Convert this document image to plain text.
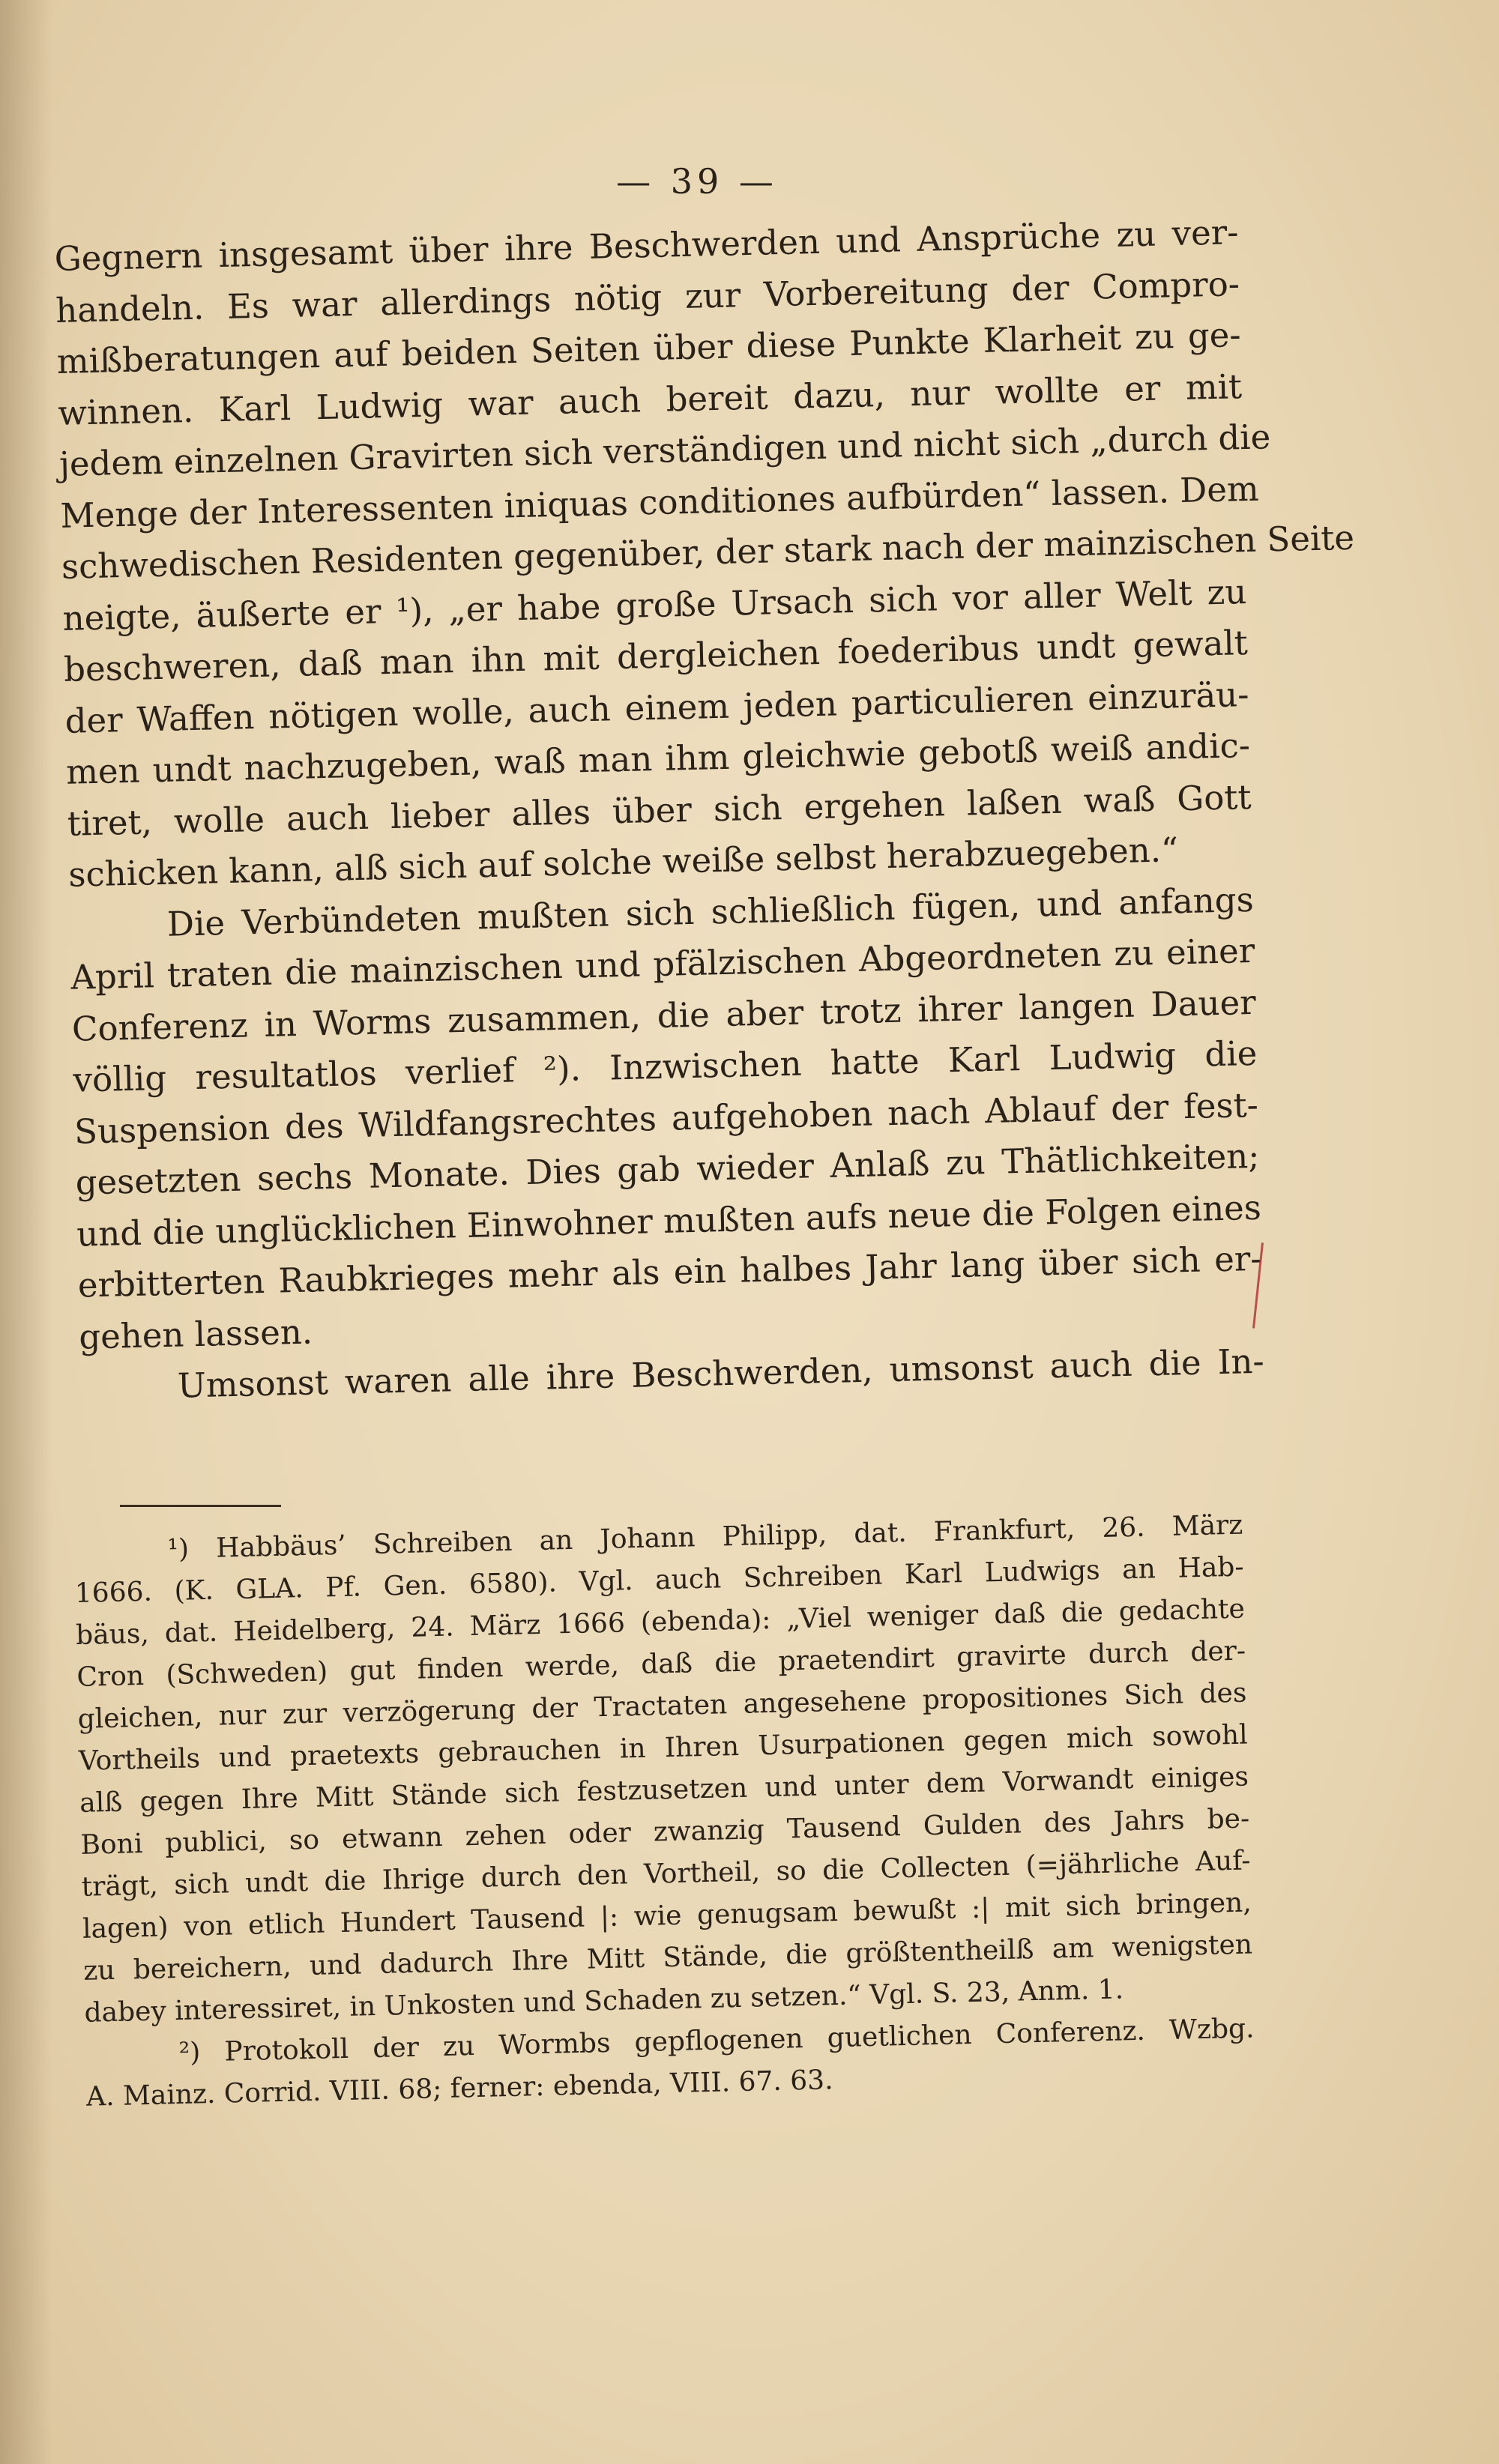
— 39 —
Gegnern insgesamt über ihre Beschwerden und Ansprüche zu ver-
handeln. Es war allerdings nötig zur Vorbereitung der Compro-
mißberatungen auf beiden Seiten über diese Punkte Klarheit zu ge-
winnen. Karl Ludwig war auch bereit dazu, nur wollte er mit
jedem einzelnen Gravirten sich verständigen und nicht sich „durch die
Menge der Interessenten iniquas conditiones aufbürden“ lassen. Dem
schwedischen Residenten gegenüber, der stark nach der mainzischen Seite
neigte, äußerte er ¹), „er habe große Ursach sich vor aller Welt zu
beschweren, daß man ihn mit dergleichen foederibus undt gewalt
der Waffen nötigen wolle, auch einem jeden particulieren einzuräu-
men undt nachzugeben, waß man ihm gleichwie gebotß weiß andic-
tiret, wolle auch lieber alles über sich ergehen laßen waß Gott
schicken kann, alß sich auf solche weiße selbst herabzuegeben.“
Die Verbündeten mußten sich schließlich fügen, und anfangs
April traten die mainzischen und pfälzischen Abgeordneten zu einer
Conferenz in Worms zusammen, die aber trotz ihrer langen Dauer
völlig resultatlos verlief ²). Inzwischen hatte Karl Ludwig die
Suspension des Wildfangsrechtes aufgehoben nach Ablauf der fest-
gesetzten sechs Monate. Dies gab wieder Anlaß zu Thätlichkeiten;
und die unglücklichen Einwohner mußten aufs neue die Folgen eines
erbitterten Raubkrieges mehr als ein halbes Jahr lang über sich er-
gehen lassen.
Umsonst waren alle ihre Beschwerden, umsonst auch die In-
¹) Habbäus’ Schreiben an Johann Philipp, dat. Frankfurt, 26. März
1666. (K. GLA. Pf. Gen. 6580). Vgl. auch Schreiben Karl Ludwigs an Hab-
bäus, dat. Heidelberg, 24. März 1666 (ebenda): „Viel weniger daß die gedachte
Cron (Schweden) gut finden werde, daß die praetendirt gravirte durch der-
gleichen, nur zur verzögerung der Tractaten angesehene propositiones Sich des
Vortheils und praetexts gebrauchen in Ihren Usurpationen gegen mich sowohl
alß gegen Ihre Mitt Stände sich festzusetzen und unter dem Vorwandt einiges
Boni publici, so etwann zehen oder zwanzig Tausend Gulden des Jahrs be-
trägt, sich undt die Ihrige durch den Vortheil, so die Collecten (=jährliche Auf-
lagen) von etlich Hundert Tausend |: wie genugsam bewußt :| mit sich bringen,
zu bereichern, und dadurch Ihre Mitt Stände, die größtentheilß am wenigsten
dabey interessiret, in Unkosten und Schaden zu setzen.“ Vgl. S. 23, Anm. 1.
²) Protokoll der zu Wormbs gepflogenen guetlichen Conferenz. Wzbg.
A. Mainz. Corrid. VIII. 68; ferner: ebenda, VIII. 67. 63.
